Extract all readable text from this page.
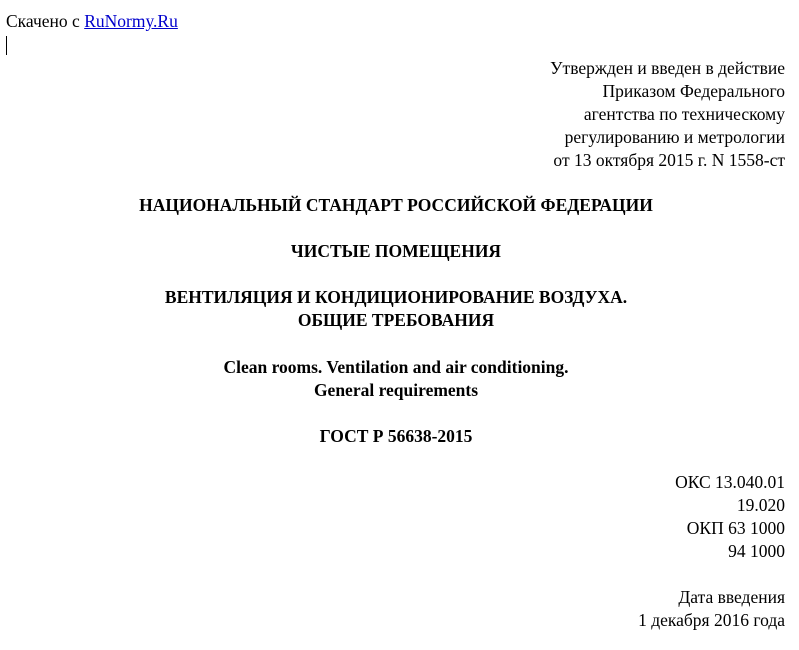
Скачено с RuNormy.Ru
Утвержден и введен в действие
Приказом Федерального
агентства по техническому
регулированию и метрологии
от 13 октября 2015 г. N 1558-ст
НАЦИОНАЛЬНЫЙ СТАНДАРТ РОССИЙСКОЙ ФЕДЕРАЦИИ
ЧИСТЫЕ ПОМЕЩЕНИЯ
ВЕНТИЛЯЦИЯ И КОНДИЦИОНИРОВАНИЕ ВОЗДУХА.
ОБЩИЕ ТРЕБОВАНИЯ
Clean rooms. Ventilation and air conditioning.
General requirements
ГОСТ Р 56638-2015
ОКС 13.040.01
19.020
ОКП 63 1000
94 1000
Дата введения
1 декабря 2016 года
